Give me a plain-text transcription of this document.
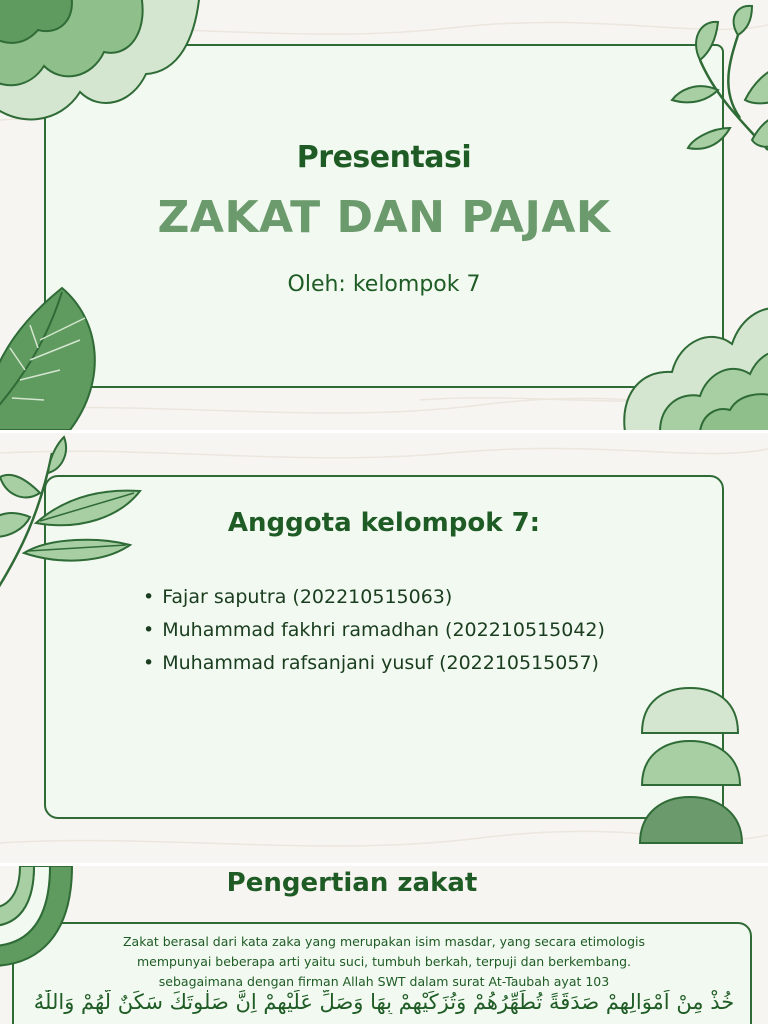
Presentasi
ZAKAT DAN PAJAK
Oleh: kelompok 7
Anggota kelompok 7:
• Fajar saputra (202210515063)
• Muhammad fakhri ramadhan (202210515042)
• Muhammad rafsanjani yusuf (202210515057)
Pengertian zakat

Zakat berasal dari kata zaka yang merupakan isim masdar, yang secara etimologis

mempunyai beberapa arti yaitu suci, tumbuh berkah, terpuji dan berkembang.

sebagaimana dengan firman Allah SWT dalam surat At-Taubah ayat 103

خُذْ مِنْ اَمْوَالِهِمْ صَدَقَةً تُطَهِّرُهُمْ وَتُزَكِّيْهِمْ بِهَا وَصَلِّ عَلَيْهِمْ اِنَّ صَلٰوتَكَ سَكَنٌ لَّهُمْ وَاللّٰهُ
